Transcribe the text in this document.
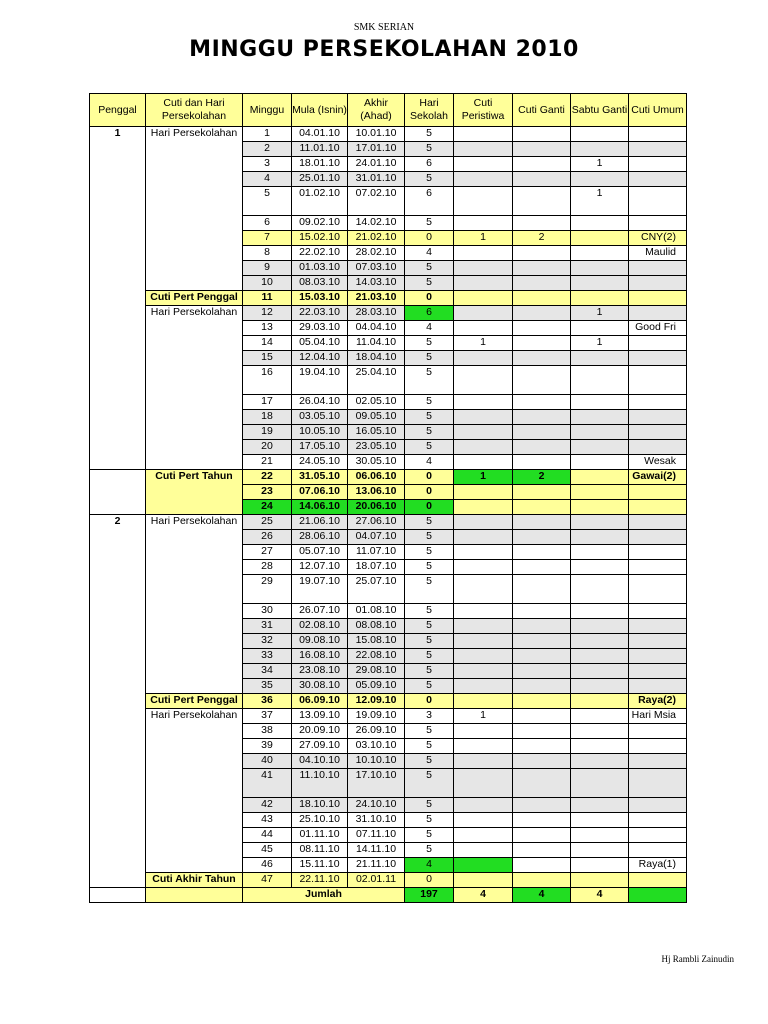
SMK SERIAN
MINGGU PERSEKOLAHAN 2010
Penggal	Cuti dan Hari Persekolahan	Minggu	Mula (Isnin)	Akhir (Ahad)	Hari Sekolah	Cuti Peristiwa	Cuti Ganti	Sabtu Ganti	Cuti Umum
1	Hari Persekolahan	1	04.01.10	10.01.10	5				
		2	11.01.10	17.01.10	5				
		3	18.01.10	24.01.10	6			1	
		4	25.01.10	31.01.10	5				
		5	01.02.10	07.02.10	6			1	
		6	09.02.10	14.02.10	5				
		7	15.02.10	21.02.10	0	1	2		CNY(2)
		8	22.02.10	28.02.10	4				Maulid
		9	01.03.10	07.03.10	5				
		10	08.03.10	14.03.10	5				
	Cuti Pert Penggal	11	15.03.10	21.03.10	0				
	Hari Persekolahan	12	22.03.10	28.03.10	6			1	
		13	29.03.10	04.04.10	4				Good Fri
		14	05.04.10	11.04.10	5	1		1	
		15	12.04.10	18.04.10	5				
		16	19.04.10	25.04.10	5				
		17	26.04.10	02.05.10	5				
		18	03.05.10	09.05.10	5				
		19	10.05.10	16.05.10	5				
		20	17.05.10	23.05.10	5				
		21	24.05.10	30.05.10	4				Wesak
	Cuti Pert Tahun	22	31.05.10	06.06.10	0	1	2		Gawai(2)
		23	07.06.10	13.06.10	0				
		24	14.06.10	20.06.10	0				
2	Hari Persekolahan	25	21.06.10	27.06.10	5				
		26	28.06.10	04.07.10	5				
		27	05.07.10	11.07.10	5				
		28	12.07.10	18.07.10	5				
		29	19.07.10	25.07.10	5				
		30	26.07.10	01.08.10	5				
		31	02.08.10	08.08.10	5				
		32	09.08.10	15.08.10	5				
		33	16.08.10	22.08.10	5				
		34	23.08.10	29.08.10	5				
		35	30.08.10	05.09.10	5				
	Cuti Pert Penggal	36	06.09.10	12.09.10	0				Raya(2)
	Hari Persekolahan	37	13.09.10	19.09.10	3	1			Hari Msia
		38	20.09.10	26.09.10	5				
		39	27.09.10	03.10.10	5				
		40	04.10.10	10.10.10	5				
		41	11.10.10	17.10.10	5				
		42	18.10.10	24.10.10	5				
		43	25.10.10	31.10.10	5				
		44	01.11.10	07.11.10	5				
		45	08.11.10	14.11.10	5				
		46	15.11.10	21.11.10	4				Raya(1)
	Cuti Akhir Tahun	47	22.11.10	02.01.11	0				
		Jumlah			197	4	4	4	
Hj Rambli Zainudin
